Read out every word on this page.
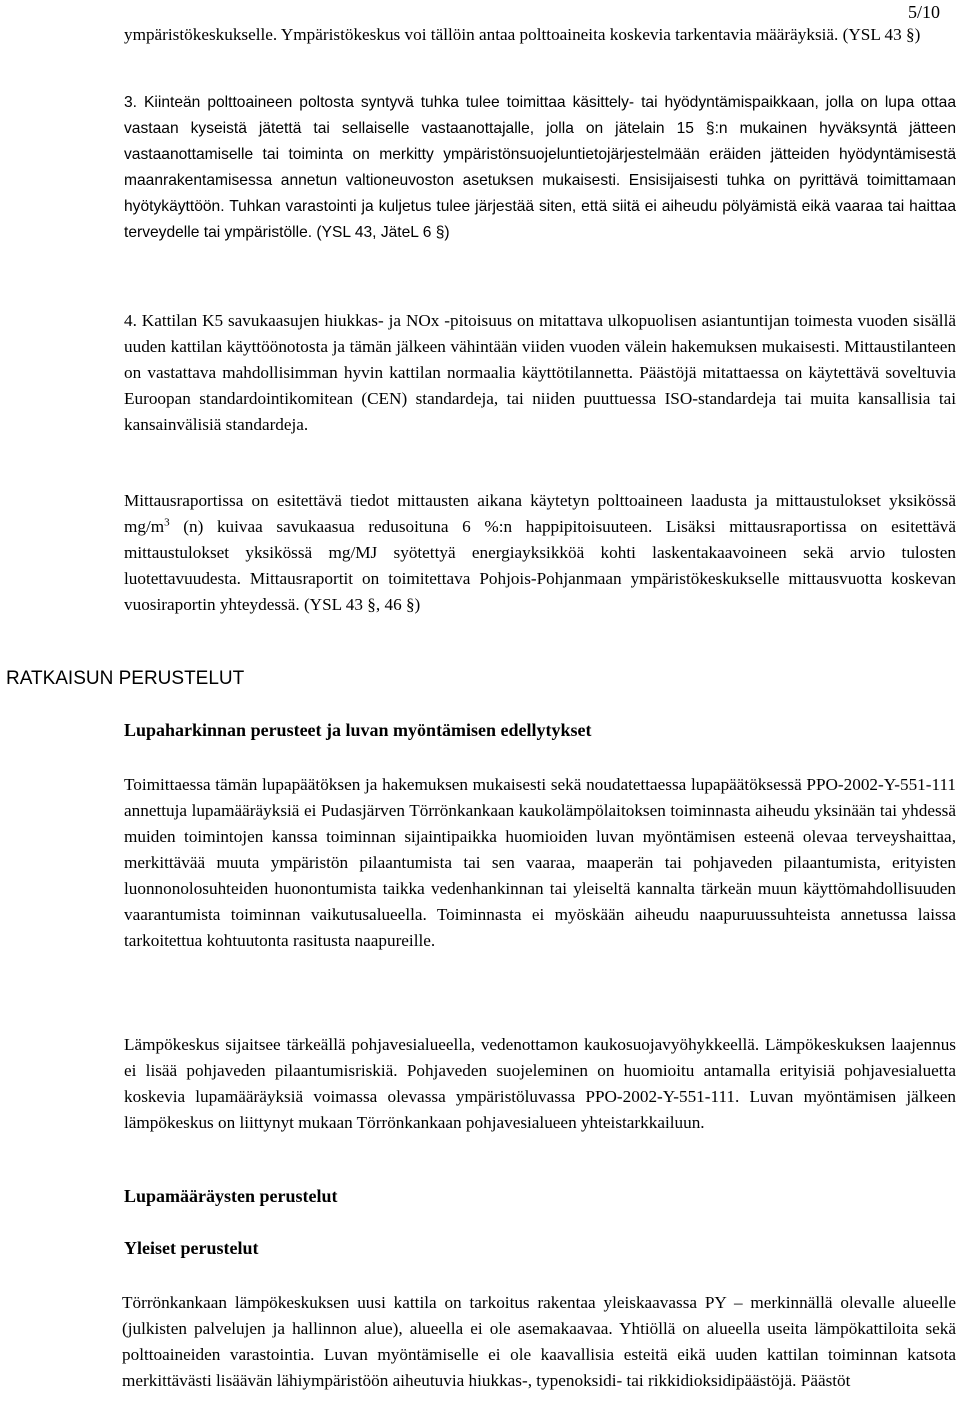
5/10

ympäristökeskukselle. Ympäristökeskus voi tällöin antaa polttoaineita koskevia tarkentavia määräyksiä. (YSL 43 §)

3. Kiinteän polttoaineen poltosta syntyvä tuhka tulee toimittaa käsittely- tai hyödyntämispaikkaan, jolla on lupa ottaa vastaan kyseistä jätettä tai sellaiselle vastaanottajalle, jolla on jätelain 15 §:n mukainen hyväksyntä jätteen vastaanottamiselle tai toiminta on merkitty ympäristönsuojeluntietojärjestelmään eräiden jätteiden hyödyntämisestä maanrakentamisessa annetun valtioneuvoston asetuksen mukaisesti. Ensisijaisesti tuhka on pyrittävä toimittamaan hyötykäyttöön. Tuhkan varastointi ja kuljetus tulee järjestää siten, että siitä ei aiheudu pölyämistä eikä vaaraa tai haittaa terveydelle tai ympäristölle. (YSL 43, JäteL 6 §)

4. Kattilan K5 savukaasujen hiukkas- ja NOx -pitoisuus on mitattava ulkopuolisen asiantuntijan toimesta vuoden sisällä uuden kattilan käyttöönotosta ja tämän jälkeen vähintään viiden vuoden välein hakemuksen mukaisesti. Mittaustilanteen on vastattava mahdollisimman hyvin kattilan normaalia käyttötilannetta. Päästöjä mitattaessa on käytettävä soveltuvia Euroopan standardointikomitean (CEN) standardeja, tai niiden puuttuessa ISO-standardeja tai muita kansallisia tai kansainvälisiä standardeja.

Mittausraportissa on esitettävä tiedot mittausten aikana käytetyn polttoaineen laadusta ja mittaustulokset yksikössä $mg/m^3$ (n) kuivaa savukaasua redusoituna 6 %:n happipitoisuuteen. Lisäksi mittausraportissa on esitettävä mittaustulokset yksikössä mg/MJ syötettyä energiayksikköä kohti laskentakaavoineen sekä arvio tulosten luotettavuudesta. Mittausraportit on toimitettava Pohjois-Pohjanmaan ympäristökeskukselle mittausvuotta koskevan vuosiraportin yhteydessä. (YSL 43 §, 46 §)

RATKAISUN PERUSTELUT
Lupaharkinnan perusteet ja luvan myöntämisen edellytykset

Toimittaessa tämän lupapäätöksen ja hakemuksen mukaisesti sekä noudatettaessa lupapäätöksessä PPO-2002-Y-551-111 annettuja lupamääräyksiä ei Pudasjärven Törrönkankaan kaukolämpölaitoksen toiminnasta aiheudu yksinään tai yhdessä muiden toimintojen kanssa toiminnan sijaintipaikka huomioiden luvan myöntämisen esteenä olevaa terveyshaittaa, merkittävää muuta ympäristön pilaantumista tai sen vaaraa, maaperän tai pohjaveden pilaantumista, erityisten luonnonolosuhteiden huonontumista taikka vedenhankinnan tai yleiseltä kannalta tärkeän muun käyttömahdollisuuden vaarantumista toiminnan vaikutusalueella. Toiminnasta ei myöskään aiheudu naapuruussuhteista annetussa laissa tarkoitettua kohtuutonta rasitusta naapureille.

Lämpökeskus sijaitsee tärkeällä pohjavesialueella, vedenottamon kaukosuojavyöhykkeellä. Lämpökeskuksen laajennus ei lisää pohjaveden pilaantumisriskiä. Pohjaveden suojeleminen on huomioitu antamalla erityisiä pohjavesialuetta koskevia lupamääräyksiä voimassa olevassa ympäristöluvassa PPO-2002-Y-551-111. Luvan myöntämisen jälkeen lämpökeskus on liittynyt mukaan Törrönkankaan pohjavesialueen yhteistarkkailuun.

Lupamääräysten perustelut
Yleiset perustelut

Törrönkankaan lämpökeskuksen uusi kattila on tarkoitus rakentaa yleiskaavassa PY – merkinnällä olevalle alueelle (julkisten palvelujen ja hallinnon alue), alueella ei ole asemakaavaa. Yhtiöllä on alueella useita lämpökattiloita sekä polttoaineiden varastointia. Luvan myöntämiselle ei ole kaavallisia esteitä eikä uuden kattilan toiminnan katsota merkittävästi lisäävän lähiympäristöön aiheutuvia hiukkas-, typenoksidi- tai rikkidioksidipäästöjä. Päästöt
